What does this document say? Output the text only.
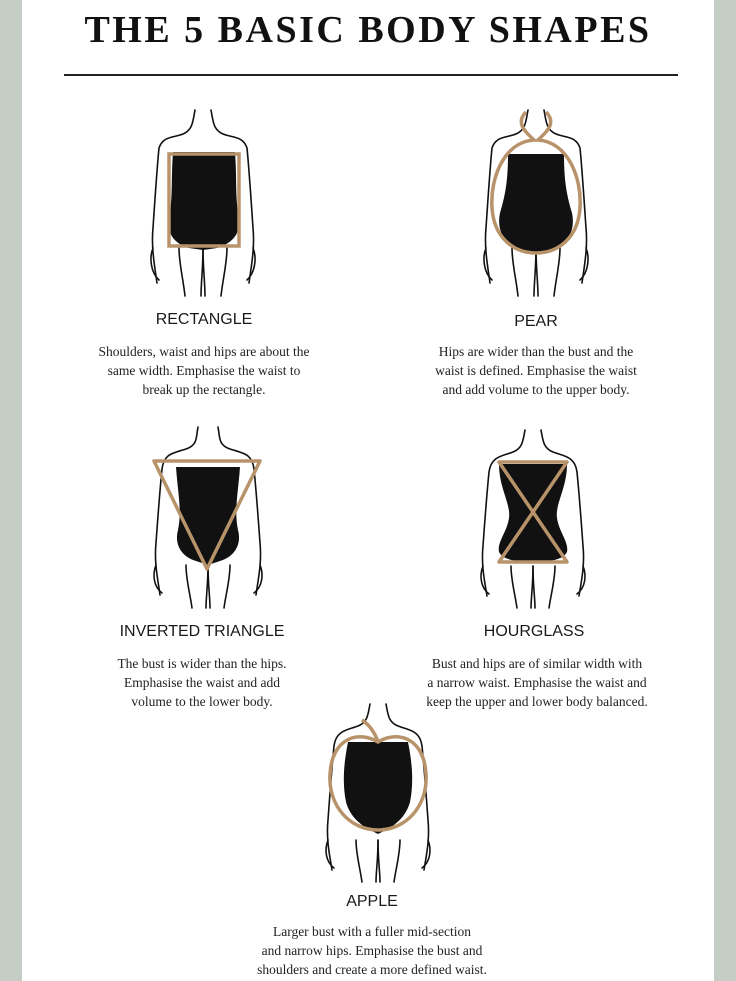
THE 5 BASIC BODY SHAPES
RECTANGLE
Shoulders, waist and hips are about the
same width. Emphasise the waist to
break up the rectangle.
PEAR
Hips are wider than the bust and the
waist is defined. Emphasise the waist
and add volume to the upper body.
INVERTED TRIANGLE
The bust is wider than the hips.
Emphasise the waist and add
volume to the lower body.
HOURGLASS
Bust and hips are of similar width with
a narrow waist. Emphasise the waist and
keep the upper and lower body balanced.
APPLE
Larger bust with a fuller mid-section
and narrow hips. Emphasise the bust and
shoulders and create a more defined waist.
